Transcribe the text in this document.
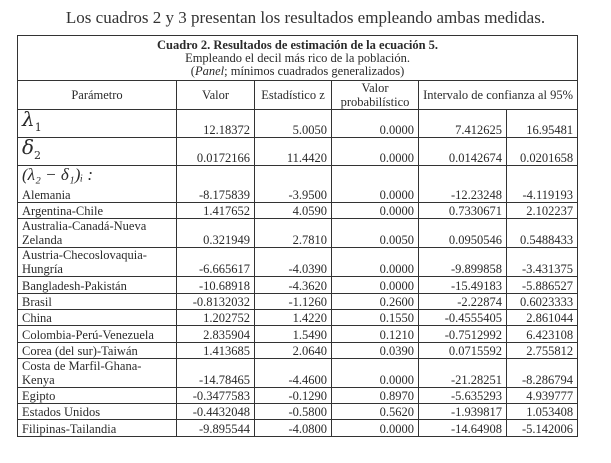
Los cuadros 2 y 3 presentan los resultados empleando ambas medidas.
Cuadro 2. Resultados de estimación de la ecuación 5.
Empleando el decil más rico de la población.
(Panel; mínimos cuadrados generalizados)					

Parámetro	Valor	Estadístico z	Valor probabilístico	Intervalo de confianza al 95%	
$\lambda_1$	12.18372	5.0050	0.0000	7.412625	16.95481
$\delta_2$	0.0172166	11.4420	0.0000	0.0142674	0.0201658

(λ₂ − δ₁)ᵢ :
Alemania	-8.175839	-3.9500	0.0000	-12.23248	-4.119193
Argentina-Chile	1.417652	4.0590	0.0000	0.7330671	2.102237
Australia-Canadá-Nueva Zelanda	0.321949	2.7810	0.0050	0.0950546	0.5488433
Austria-Checoslovaquia-Hungría	-6.665617	-4.0390	0.0000	-9.899858	-3.431375
Bangladesh-Pakistán	-10.68918	-4.3620	0.0000	-15.49183	-5.886527
Brasil	-0.8132032	-1.1260	0.2600	-2.22874	0.6023333
China	1.202752	1.4220	0.1550	-0.4555405	2.861044
Colombia-Perú-Venezuela	2.835904	1.5490	0.1210	-0.7512992	6.423108
Corea (del sur)-Taiwán	1.413685	2.0640	0.0390	0.0715592	2.755812
Costa de Marfil-Ghana-Kenya	-14.78465	-4.4600	0.0000	-21.28251	-8.286794
Egipto	-0.3477583	-0.1290	0.8970	-5.635293	4.939777
Estados Unidos	-0.4432048	-0.5800	0.5620	-1.939817	1.053408
Filipinas-Tailandia	-9.895544	-4.0800	0.0000	-14.64908	-5.142006
